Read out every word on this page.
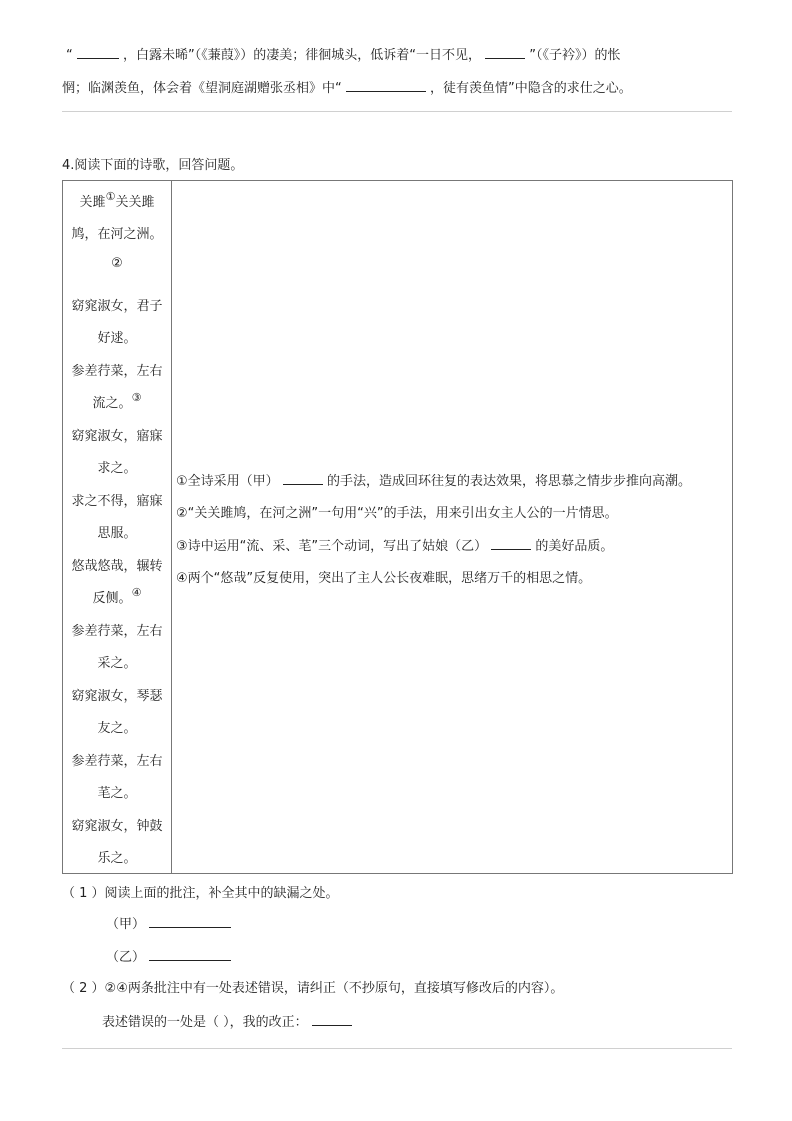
“	，白露未晞”（《蒹葭》）的凄美；徘徊城头，低诉着“一日不见，	”（《子衿》）的怅
惘；临渊羡鱼，体会着《望洞庭湖赠张丞相》中“	，徒有羡鱼情”中隐含的求仕之心。
4.阅读下面的诗歌，回答问题。
关雎①关关雎
鸠，在河之洲。
②
窈窕淑女，君子
好逑。
参差荇菜，左右
流之。③
窈窕淑女，寤寐
求之。
求之不得，寤寐
思服。
悠哉悠哉，辗转
反侧。④
参差荇菜，左右
采之。
窈窕淑女，琴瑟
友之。
参差荇菜，左右
芼之。
窈窕淑女，钟鼓
乐之。

①全诗采用（甲）	的手法，造成回环往复的表达效果，将思慕之情步步推向高潮。
②“关关雎鸠，在河之洲”一句用“兴”的手法，用来引出女主人公的一片情思。
③诗中运用“流、采、芼”三个动词，写出了姑娘（乙）	的美好品质。
④两个“悠哉”反复使用，突出了主人公长夜难眠，思绪万千的相思之情。
（ 1 ）阅读上面的批注，补全其中的缺漏之处。
（甲）
（乙）
（ 2 ）②④两条批注中有一处表述错误，请纠正（不抄原句，直接填写修改后的内容）。
表述错误的一处是（ ），我的改正：
